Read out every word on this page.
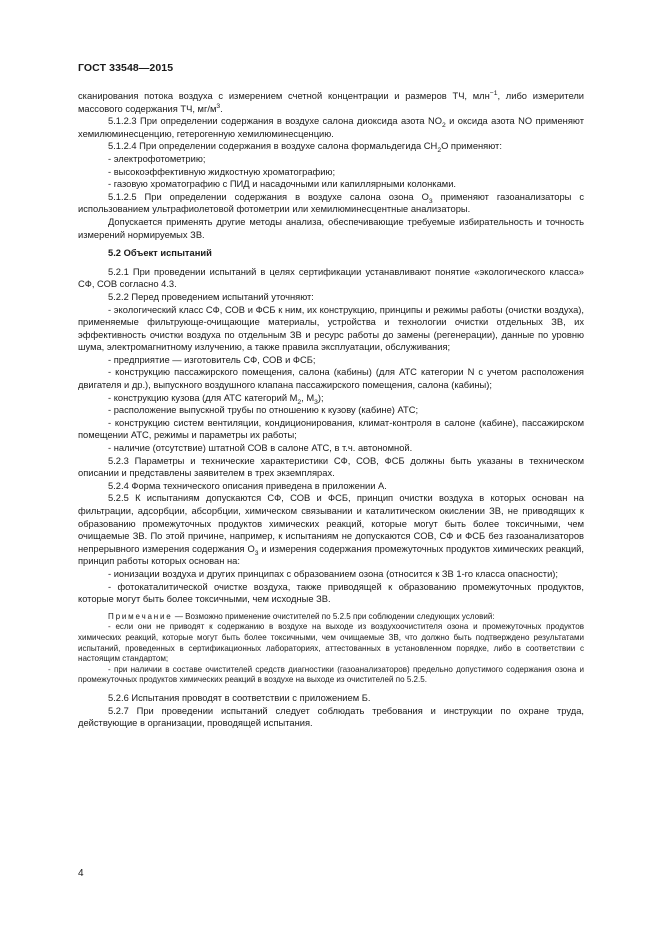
ГОСТ 33548—2015

сканирования потока воздуха с измерением счетной концентрации и размеров ТЧ, млн$^{-1}$, либо измерители массового содержания ТЧ, $мг/м^3$.

5.1.2.3 При определении содержания в воздухе салона диоксида азота $NO_2$ и оксида азота NO применяют хемилюминесценцию, гетерогенную хемилюминесценцию.

5.1.2.4 При определении содержания в воздухе салона формальдегида $CH_2O$ применяют:

- электрофотометрию;

- высокоэффективную жидкостную хроматографию;

- газовую хроматографию с ПИД и насадочными или капиллярными колонками.

5.1.2.5 При определении содержания в воздухе салона озона $O_3$ применяют газоанализаторы с использованием ультрафиолетовой фотометрии или хемилюминесцентные анализаторы.

Допускается применять другие методы анализа, обеспечивающие требуемые избирательность и точность измерений нормируемых ЗВ.

5.2 Объект испытаний

5.2.1 При проведении испытаний в целях сертификации устанавливают понятие «экологического класса» СФ, СОВ согласно 4.3.

5.2.2 Перед проведением испытаний уточняют:

- экологический класс СФ, СОВ и ФСБ к ним, их конструкцию, принципы и режимы работы (очистки воздуха), применяемые фильтрующе-очищающие материалы, устройства и технологии очистки отдельных ЗВ, их эффективность очистки воздуха по отдельным ЗВ и ресурс работы до замены (регенерации), данные по уровню шума, электромагнитному излучению, а также правила эксплуатации, обслуживания;

- предприятие — изготовитель СФ, СОВ и ФСБ;

- конструкцию пассажирского помещения, салона (кабины) (для АТС категории N с учетом расположения двигателя и др.), выпускного воздушного клапана пассажирского помещения, салона (кабины);

- конструкцию кузова (для АТС категорий $M_2$, $M_3$);

- расположение выпускной трубы по отношению к кузову (кабине) АТС;

- конструкцию систем вентиляции, кондиционирования, климат-контроля в салоне (кабине), пассажирском помещении АТС, режимы и параметры их работы;

- наличие (отсутствие) штатной СОВ в салоне АТС, в т.ч. автономной.

5.2.3 Параметры и технические характеристики СФ, СОВ, ФСБ должны быть указаны в техническом описании и представлены заявителем в трех экземплярах.

5.2.4 Форма технического описания приведена в приложении А.

5.2.5 К испытаниям допускаются СФ, СОВ и ФСБ, принцип очистки воздуха в которых основан на фильтрации, адсорбции, абсорбции, химическом связывании и каталитическом окислении ЗВ, не приводящих к образованию промежуточных продуктов химических реакций, которые могут быть более токсичными, чем очищаемые ЗВ. По этой причине, например, к испытаниям не допускаются СОВ, СФ и ФСБ без газоанализаторов непрерывного измерения содержания $O_3$ и измерения содержания промежуточных продуктов химических реакций, принцип работы которых основан на:

- ионизации воздуха и других принципах с образованием озона (относится к ЗВ 1-го класса опасности);

- фотокаталитической очистке воздуха, также приводящей к образованию промежуточных продуктов, которые могут быть более токсичными, чем исходные ЗВ.

Примечание — Возможно применение очистителей по 5.2.5 при соблюдении следующих условий:

- если они не приводят к содержанию в воздухе на выходе из воздухоочистителя озона и промежуточных продуктов химических реакций, которые могут быть более токсичными, чем очищаемые ЗВ, что должно быть подтверждено результатами испытаний, проведенных в сертификационных лабораториях, аттестованных в установленном порядке, либо в соответствии с настоящим стандартом;

- при наличии в составе очистителей средств диагностики (газоанализаторов) предельно допустимого содержания озона и промежуточных продуктов химических реакций в воздухе на выходе из очистителей по 5.2.5.

5.2.6 Испытания проводят в соответствии с приложением Б.

5.2.7 При проведении испытаний следует соблюдать требования и инструкции по охране труда, действующие в организации, проводящей испытания.

4
